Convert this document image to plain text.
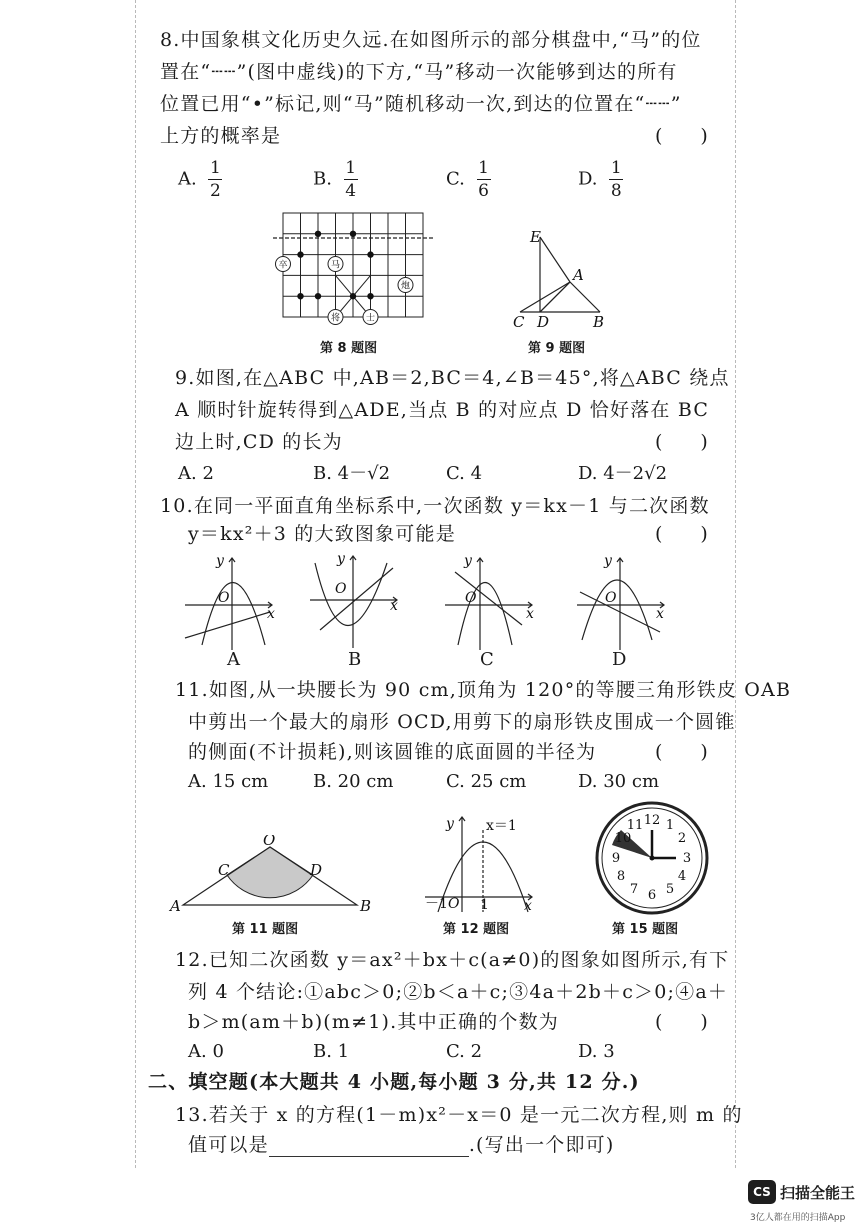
8.中国象棋文化历史久远.在如图所示的部分棋盘中,“马”的位
置在“┄┄”(图中虚线)的下方,“马”移动一次能够到达的所有
位置已用“•”标记,则“马”随机移动一次,到达的位置在“┄┄”
上方的概率是	(　　)
A. $\frac{1}{2}$	B. $\frac{1}{4}$	C. $\frac{1}{6}$	D. $\frac{1}{8}$
卒	马
炮
将	士
第 8 题图
E
A
C D	B
第 9 题图
9.如图,在△ABC 中,AB＝2,BC＝4,∠B＝45°,将△ABC 绕点
A 顺时针旋转得到△ADE,当点 B 的对应点 D 恰好落在 BC
边上时,CD 的长为	(　　)
A. 2	B. 4－√2	C. 4	D. 4－2√2
10.在同一平面直角坐标系中,一次函数 y＝kx－1 与二次函数
y＝kx²＋3 的大致图象可能是	(　　)
y
x
O
A
y
x
O
B
y
x
O
C
y
x
O
D
11.如图,从一块腰长为 90 cm,顶角为 120°的等腰三角形铁皮 OAB
中剪出一个最大的扇形 OCD,用剪下的扇形铁皮围成一个圆锥
的侧面(不计损耗),则该圆锥的底面圆的半径为	(　　)
A. 15 cm B. 20 cm	C. 25 cm	D. 30 cm
O
C	D
A	B
第 11 题图
y x＝1
－1 O 1	x
第 12 题图
12 1
2
3
4
5
6
7
8
9
10
11
第 15 题图
12.已知二次函数 y＝ax²＋bx＋c(a≠0)的图象如图所示,有下
列 4 个结论:①abc＞0;②b＜a＋c;③4a＋2b＋c＞0;④a＋
b＞m(am＋b)(m≠1).其中正确的个数为	(　　)
A. 0	B. 1	C. 2	D. 3
二、填空题(本大题共 4 小题,每小题 3 分,共 12 分.)
13.若关于 x 的方程(1－m)x²－x＝0 是一元二次方程,则 m 的
值可以是	.(写出一个即可)
CS 扫描全能王
3亿人都在用的扫描App
